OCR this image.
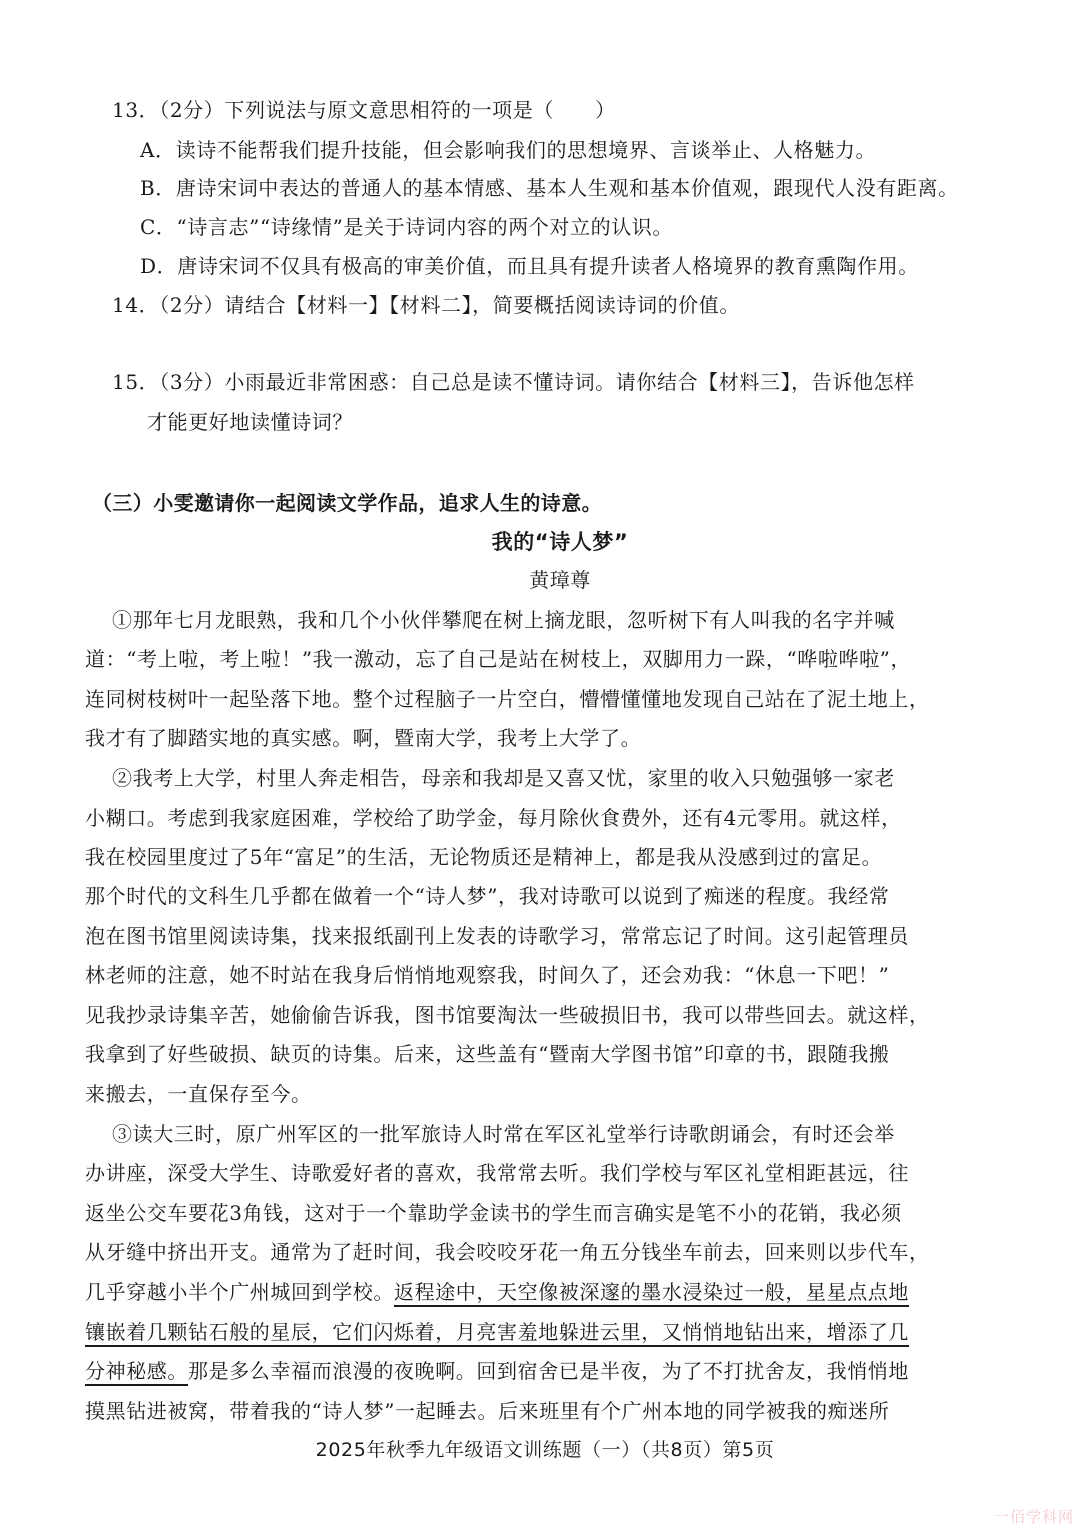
13．（2分）下列说法与原文意思相符的一项是（　　）
A．读诗不能帮我们提升技能，但会影响我们的思想境界、言谈举止、人格魅力。
B．唐诗宋词中表达的普通人的基本情感、基本人生观和基本价值观，跟现代人没有距离。
C．“诗言志”“诗缘情”是关于诗词内容的两个对立的认识。
D．唐诗宋词不仅具有极高的审美价值，而且具有提升读者人格境界的教育熏陶作用。
14．（2分）请结合【材料一】【材料二】，简要概括阅读诗词的价值。
15．（3分）小雨最近非常困惑：自己总是读不懂诗词。请你结合【材料三】，告诉他怎样
才能更好地读懂诗词？
（三）小雯邀请你一起阅读文学作品，追求人生的诗意。
我的“诗人梦”
黄璋尊
①那年七月龙眼熟，我和几个小伙伴攀爬在树上摘龙眼，忽听树下有人叫我的名字并喊
道：“考上啦，考上啦！”我一激动，忘了自己是站在树枝上，双脚用力一跺，“哗啦哗啦”，
连同树枝树叶一起坠落下地。整个过程脑子一片空白，懵懵懂懂地发现自己站在了泥土地上，
我才有了脚踏实地的真实感。啊，暨南大学，我考上大学了。
②我考上大学，村里人奔走相告，母亲和我却是又喜又忧，家里的收入只勉强够一家老
小糊口。考虑到我家庭困难，学校给了助学金，每月除伙食费外，还有4元零用。就这样，
我在校园里度过了5年“富足”的生活，无论物质还是精神上，都是我从没感到过的富足。
那个时代的文科生几乎都在做着一个“诗人梦”，我对诗歌可以说到了痴迷的程度。我经常
泡在图书馆里阅读诗集，找来报纸副刊上发表的诗歌学习，常常忘记了时间。这引起管理员
林老师的注意，她不时站在我身后悄悄地观察我，时间久了，还会劝我：“休息一下吧！”
见我抄录诗集辛苦，她偷偷告诉我，图书馆要淘汰一些破损旧书，我可以带些回去。就这样，
我拿到了好些破损、缺页的诗集。后来，这些盖有“暨南大学图书馆”印章的书，跟随我搬
来搬去，一直保存至今。
③读大三时，原广州军区的一批军旅诗人时常在军区礼堂举行诗歌朗诵会，有时还会举
办讲座，深受大学生、诗歌爱好者的喜欢，我常常去听。我们学校与军区礼堂相距甚远，往
返坐公交车要花3角钱，这对于一个靠助学金读书的学生而言确实是笔不小的花销，我必须
从牙缝中挤出开支。通常为了赶时间，我会咬咬牙花一角五分钱坐车前去，回来则以步代车，
几乎穿越小半个广州城回到学校。返程途中，天空像被深邃的墨水浸染过一般，星星点点地
镶嵌着几颗钻石般的星辰，它们闪烁着，月亮害羞地躲进云里，又悄悄地钻出来，增添了几
分神秘感。那是多么幸福而浪漫的夜晚啊。回到宿舍已是半夜，为了不打扰舍友，我悄悄地
摸黑钻进被窝，带着我的“诗人梦”一起睡去。后来班里有个广州本地的同学被我的痴迷所
2025年秋季九年级语文训练题（一）（共8页）第5页
一佰学科网
